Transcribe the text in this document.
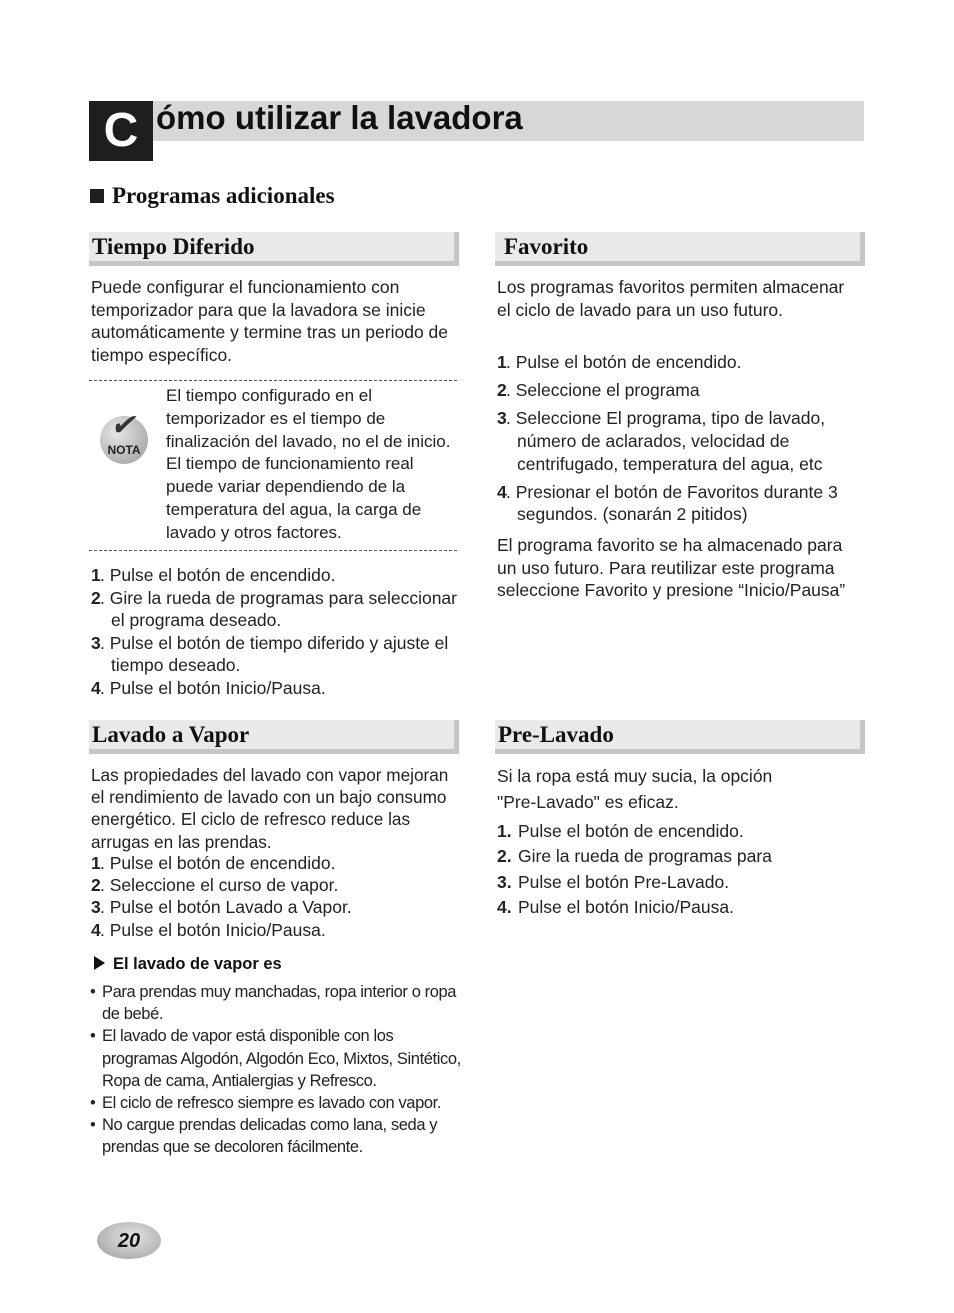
C ómo utilizar la lavadora
Programas adicionales
Tiempo Diferido

Puede configurar el funcionamiento con temporizador para que la lavadora se inicie automáticamente y termine tras un periodo de tiempo específico.

✔
NOTA
El tiempo configurado en el temporizador es el tiempo de finalización del lavado, no el de inicio. El tiempo de funcionamiento real puede variar dependiendo de la temperatura del agua, la carga de lavado y otros factores.
1 . Pulse el botón de encendido.
2 . Gire la rueda de programas para seleccionar el programa deseado.
3 . Pulse el botón de tiempo diferido y ajuste el tiempo deseado.
4 . Pulse el botón Inicio/Pausa.
Favorito

Los programas favoritos permiten almacenar el ciclo de lavado para un uso futuro.

1 . Pulse el botón de encendido.
2 . Seleccione el programa
3 . Seleccione El programa, tipo de lavado, número de aclarados, velocidad de centrifugado, temperatura del agua, etc
4 . Presionar el botón de Favoritos durante 3 segundos. (sonarán 2 pitidos)

El programa favorito se ha almacenado para un uso futuro. Para reutilizar este programa seleccione Favorito y presione “Inicio/Pausa”

Lavado a Vapor

Las propiedades del lavado con vapor mejoran el rendimiento de lavado con un bajo consumo energético. El ciclo de refresco reduce las arrugas en las prendas.

1 . Pulse el botón de encendido.
2 . Seleccione el curso de vapor.
3 . Pulse el botón Lavado a Vapor.
4 . Pulse el botón Inicio/Pausa.
El lavado de vapor es
• Para prendas muy manchadas, ropa interior o ropa de bebé.
• El lavado de vapor está disponible con los programas Algodón, Algodón Eco, Mixtos, Sintético, Ropa de cama, Antialergias y Refresco.
• El ciclo de refresco siempre es lavado con vapor.
• No cargue prendas delicadas como lana, seda y prendas que se decoloren fácilmente.
Pre-Lavado

Si la ropa está muy sucia, la opción

"Pre-Lavado" es eficaz.

1. Pulse el botón de encendido.
2. Gire la rueda de programas para
3. Pulse el botón Pre-Lavado.
4. Pulse el botón Inicio/Pausa.
20
